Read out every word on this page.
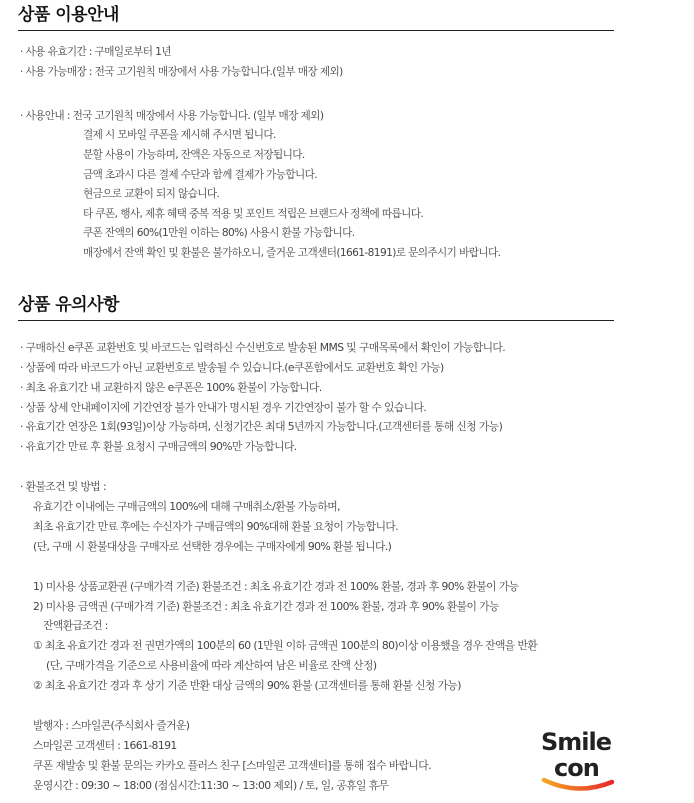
상품 이용안내
· 사용 유효기간 : 구매일로부터 1년
· 사용 가능매장 : 전국 고기원칙 매장에서 사용 가능합니다.(일부 매장 제외)
· 사용안내 : 전국 고기원칙 매장에서 사용 가능합니다. (일부 매장 제외)
결제 시 모바일 쿠폰을 제시해 주시면 됩니다.
분할 사용이 가능하며, 잔액은 자동으로 저장됩니다.
금액 초과시 다른 결제 수단과 함께 결제가 가능합니다.
현금으로 교환이 되지 않습니다.
타 쿠폰, 행사, 제휴 혜택 중복 적용 및 포인트 적립은 브랜드사 정책에 따릅니다.
쿠폰 잔액의 60%(1만원 이하는 80%) 사용시 환불 가능합니다.
매장에서 잔액 확인 및 환불은 불가하오니, 즐거운 고객센터(1661-8191)로 문의주시기 바랍니다.
상품 유의사항
· 구매하신 e쿠폰 교환번호 및 바코드는 입력하신 수신번호로 발송된 MMS 및 구매목록에서 확인이 가능합니다.
· 상품에 따라 바코드가 아닌 교환번호로 발송될 수 있습니다.(e쿠폰함에서도 교환번호 확인 가능)
· 최초 유효기간 내 교환하지 않은 e쿠폰은 100% 환불이 가능합니다.
· 상품 상세 안내페이지에 기간연장 불가 안내가 명시된 경우 기간연장이 불가 할 수 있습니다.
· 유효기간 연장은 1회(93일)이상 가능하며, 신청기간은 최대 5년까지 가능합니다.(고객센터를 통해 신청 가능)
· 유효기간 만료 후 환불 요청시 구매금액의 90%만 가능합니다.
· 환불조건 및 방법 :
유효기간 이내에는 구매금액의 100%에 대해 구매취소/환불 가능하며,
최초 유효기간 만료 후에는 수신자가 구매금액의 90%대해 환불 요청이 가능합니다.
(단, 구매 시 환불대상을 구매자로 선택한 경우에는 구매자에게 90% 환불 됩니다.)
1) 미사용 상품교환권 (구매가격 기준) 환불조건 : 최초 유효기간 경과 전 100% 환불, 경과 후 90% 환불이 가능
2) 미사용 금액권 (구매가격 기준) 환불조건 : 최초 유효기간 경과 전 100% 환불, 경과 후 90% 환불이 가능
잔액환급조건 :
① 최초 유효기간 경과 전 권면가액의 100분의 60 (1만원 이하 금액권 100분의 80)이상 이용했을 경우 잔액을 반환
(단, 구매가격을 기준으로 사용비율에 따라 계산하여 남은 비율로 잔액 산정)
② 최초 유효기간 경과 후 상기 기준 반환 대상 금액의 90% 환불 (고객센터를 통해 환불 신청 가능)
발행자 : 스마일콘(주식회사 즐거운)
스마일콘 고객센터 : 1661-8191
쿠폰 재발송 및 환불 문의는 카카오 플러스 친구 [스마일콘 고객센터]를 통해 접수 바랍니다.
운영시간 : 09:30 ~ 18:00 (점심시간:11:30 ~ 13:00 제외) / 토, 일, 공휴일 휴무
Smile
con
